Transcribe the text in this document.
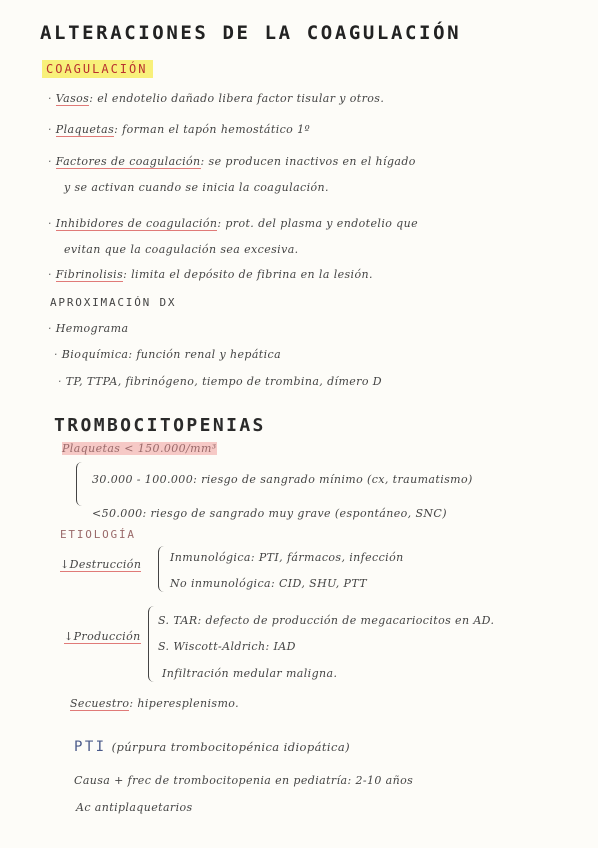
ALTERACIONES DE LA COAGULACIÓN
COAGULACIÓN
· Vasos: el endotelio dañado libera factor tisular y otros.
· Plaquetas: forman el tapón hemostático 1º
· Factores de coagulación: se producen inactivos en el hígado
y se activan cuando se inicia la coagulación.
· Inhibidores de coagulación: prot. del plasma y endotelio que
evitan que la coagulación sea excesiva.
· Fibrinolisis: limita el depósito de fibrina en la lesión.
APROXIMACIÓN DX
· Hemograma
· Bioquímica: función renal y hepática
· TP, TTPA, fibrinógeno, tiempo de trombina, dímero D
TROMBOCITOPENIAS
Plaquetas < 150.000/mm³
30.000 - 100.000: riesgo de sangrado mínimo (cx, traumatismo)
<50.000: riesgo de sangrado muy grave (espontáneo, SNC)
ETIOLOGÍA
↓Destrucción
Inmunológica: PTI, fármacos, infección
No inmunológica: CID, SHU, PTT
↓Producción
S. TAR: defecto de producción de megacariocitos en AD.
S. Wiscott-Aldrich: IAD
Infiltración medular maligna.
Secuestro: hiperesplenismo.
PTI (púrpura trombocitopénica idiopática)
Causa + frec de trombocitopenia en pediatría: 2-10 años
Ac antiplaquetarios
